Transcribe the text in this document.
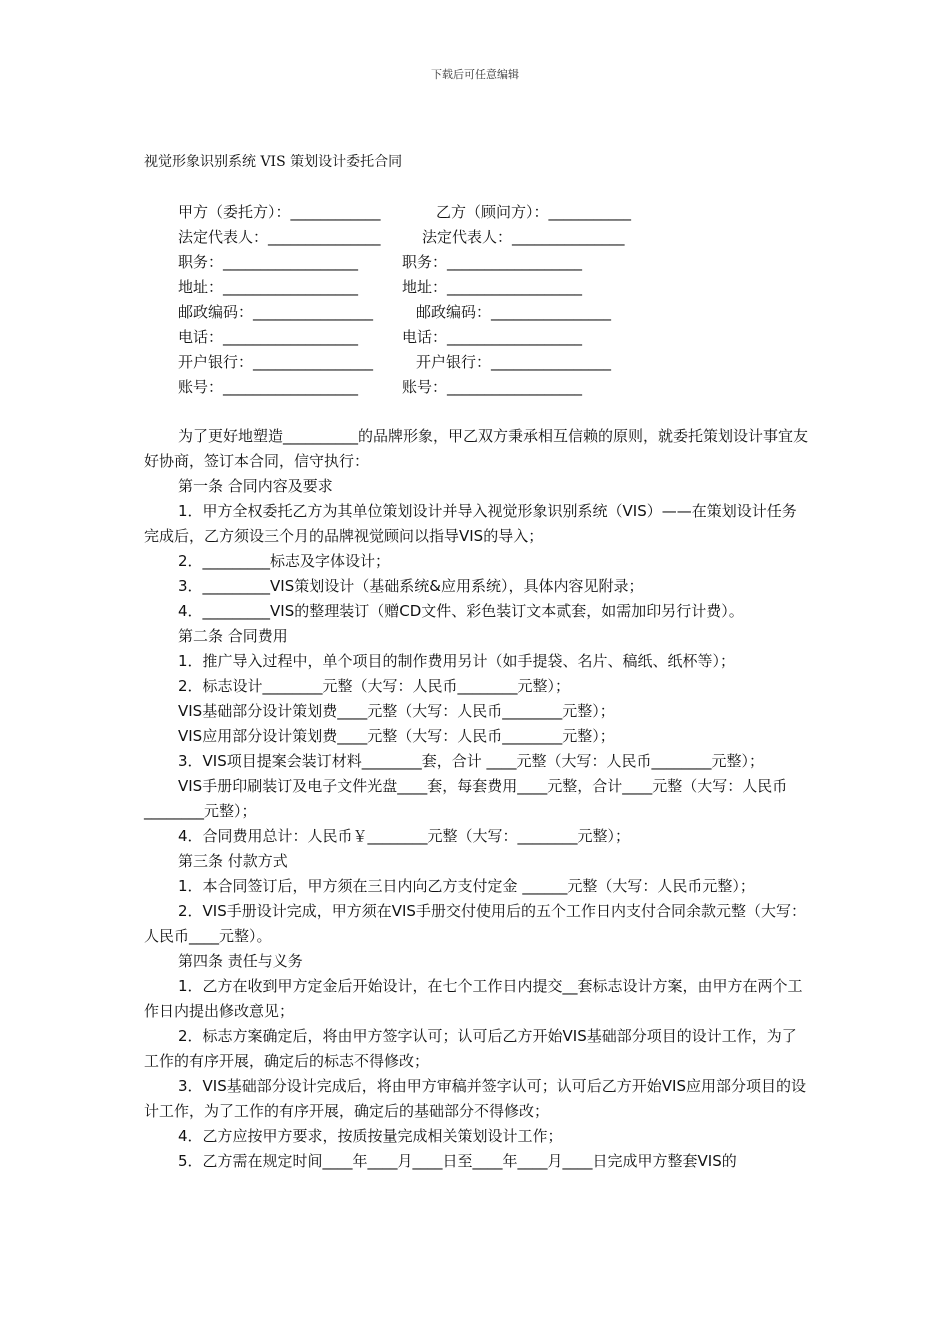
下载后可任意编辑
视觉形象识别系统 VIS 策划设计委托合同
甲方（委托方）：____________	乙方（顾问方）：___________
法定代表人：_______________	法定代表人：_______________
职务：__________________	职务：__________________
地址：__________________	地址：__________________
邮政编码：________________	邮政编码：________________
电话：__________________	电话：__________________
开户银行：________________	开户银行：________________
账号：__________________	账号：__________________

为了更好地塑造__________的品牌形象，甲乙双方秉承相互信赖的原则，就委托策划设计事宜友好协商，签订本合同，信守执行：

第一条 合同内容及要求

1．甲方全权委托乙方为其单位策划设计并导入视觉形象识别系统（VIS）——在策划设计任务完成后，乙方须设三个月的品牌视觉顾问以指导VIS的导入；

2．_________标志及字体设计；

3．_________VIS策划设计（基础系统&应用系统），具体内容见附录；

4．_________VIS的整理装订（赠CD文件、彩色装订文本贰套，如需加印另行计费）。

第二条 合同费用

1．推广导入过程中，单个项目的制作费用另计（如手提袋、名片、稿纸、纸杯等）；

2．标志设计________元整（大写：人民币________元整）；

VIS基础部分设计策划费____元整（大写：人民币________元整）；

VIS应用部分设计策划费____元整（大写：人民币________元整）；

3．VIS项目提案会装订材料________套，合计 ____元整（大写：人民币________元整）；

VIS手册印刷装订及电子文件光盘____套，每套费用____元整，合计____元整（大写：人民币________元整）；

4．合同费用总计：人民币￥________元整（大写：________元整）；

第三条 付款方式

1．本合同签订后，甲方须在三日内向乙方支付定金 ______元整（大写：人民币元整）；

2．VIS手册设计完成，甲方须在VIS手册交付使用后的五个工作日内支付合同余款元整（大写：人民币____元整）。

第四条 责任与义务

1．乙方在收到甲方定金后开始设计，在七个工作日内提交__套标志设计方案，由甲方在两个工作日内提出修改意见；

2．标志方案确定后，将由甲方签字认可；认可后乙方开始VIS基础部分项目的设计工作，为了工作的有序开展，确定后的标志不得修改；

3．VIS基础部分设计完成后，将由甲方审稿并签字认可；认可后乙方开始VIS应用部分项目的设计工作，为了工作的有序开展，确定后的基础部分不得修改；

4．乙方应按甲方要求，按质按量完成相关策划设计工作；

5．乙方需在规定时间____年____月____日至____年____月____日完成甲方整套VIS的
